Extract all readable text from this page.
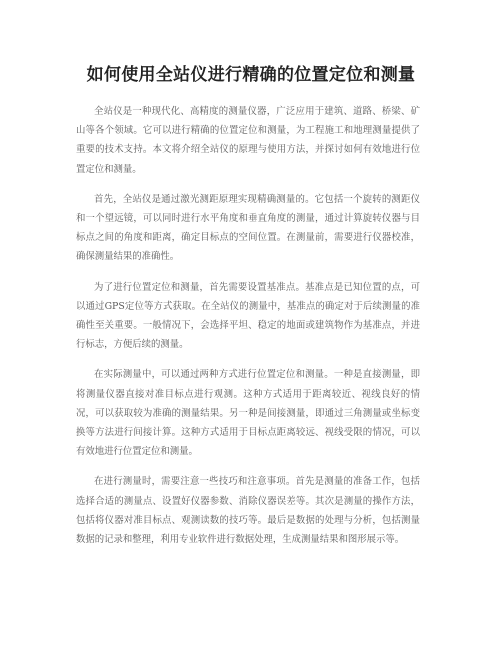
如何使用全站仪进行精确的位置定位和测量

全站仪是一种现代化、高精度的测量仪器，广泛应用于建筑、道路、桥梁、矿山等各个领域。它可以进行精确的位置定位和测量，为工程施工和地理测量提供了重要的技术支持。本文将介绍全站仪的原理与使用方法，并探讨如何有效地进行位置定位和测量。

首先，全站仪是通过激光测距原理实现精确测量的。它包括一个旋转的测距仪和一个望远镜，可以同时进行水平角度和垂直角度的测量，通过计算旋转仪器与目标点之间的角度和距离，确定目标点的空间位置。在测量前，需要进行仪器校准，确保测量结果的准确性。

为了进行位置定位和测量，首先需要设置基准点。基准点是已知位置的点，可以通过GPS定位等方式获取。在全站仪的测量中，基准点的确定对于后续测量的准确性至关重要。一般情况下，会选择平坦、稳定的地面或建筑物作为基准点，并进行标志，方便后续的测量。

在实际测量中，可以通过两种方式进行位置定位和测量。一种是直接测量，即将测量仪器直接对准目标点进行观测。这种方式适用于距离较近、视线良好的情况，可以获取较为准确的测量结果。另一种是间接测量，即通过三角测量或坐标变换等方法进行间接计算。这种方式适用于目标点距离较远、视线受限的情况，可以有效地进行位置定位和测量。

在进行测量时，需要注意一些技巧和注意事项。首先是测量的准备工作，包括选择合适的测量点、设置好仪器参数、消除仪器误差等。其次是测量的操作方法，包括将仪器对准目标点、观测读数的技巧等。最后是数据的处理与分析，包括测量数据的记录和整理，利用专业软件进行数据处理，生成测量结果和图形展示等。
